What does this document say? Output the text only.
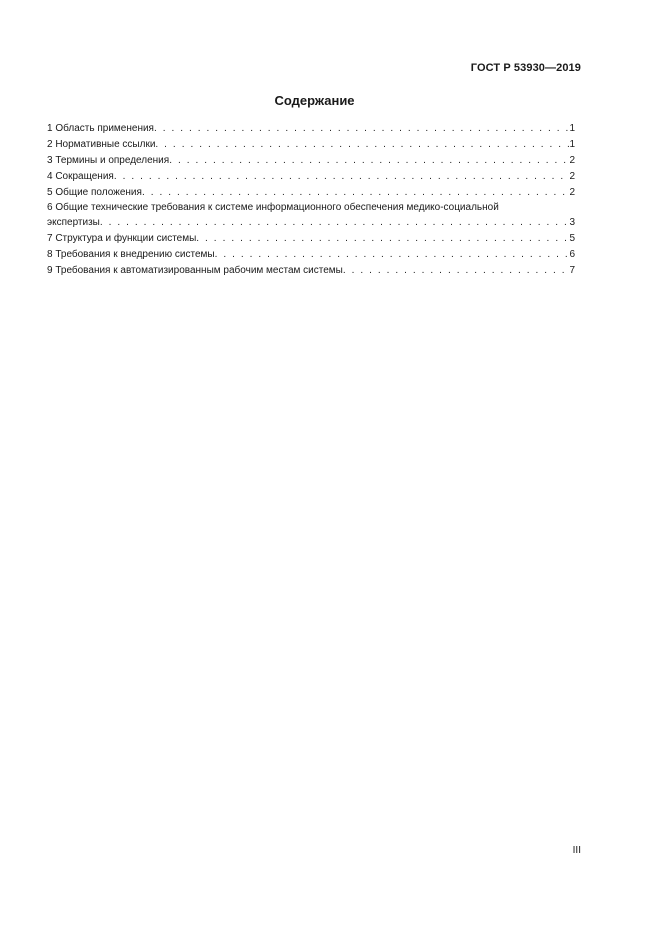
ГОСТ Р 53930—2019
Содержание
1 Область применения . . .	1
2 Нормативные ссылки . . .	1
3 Термины и определения . . .	2
4 Сокращения . . .	2
5 Общие положения . . .	2
6 Общие технические требования к системе информационного обеспечения медико-социальной
экспертизы . . .	3
7 Структура и функции системы . . .	5
8 Требования к внедрению системы . . .	6
9 Требования к автоматизированным рабочим местам системы . . .	7
III
